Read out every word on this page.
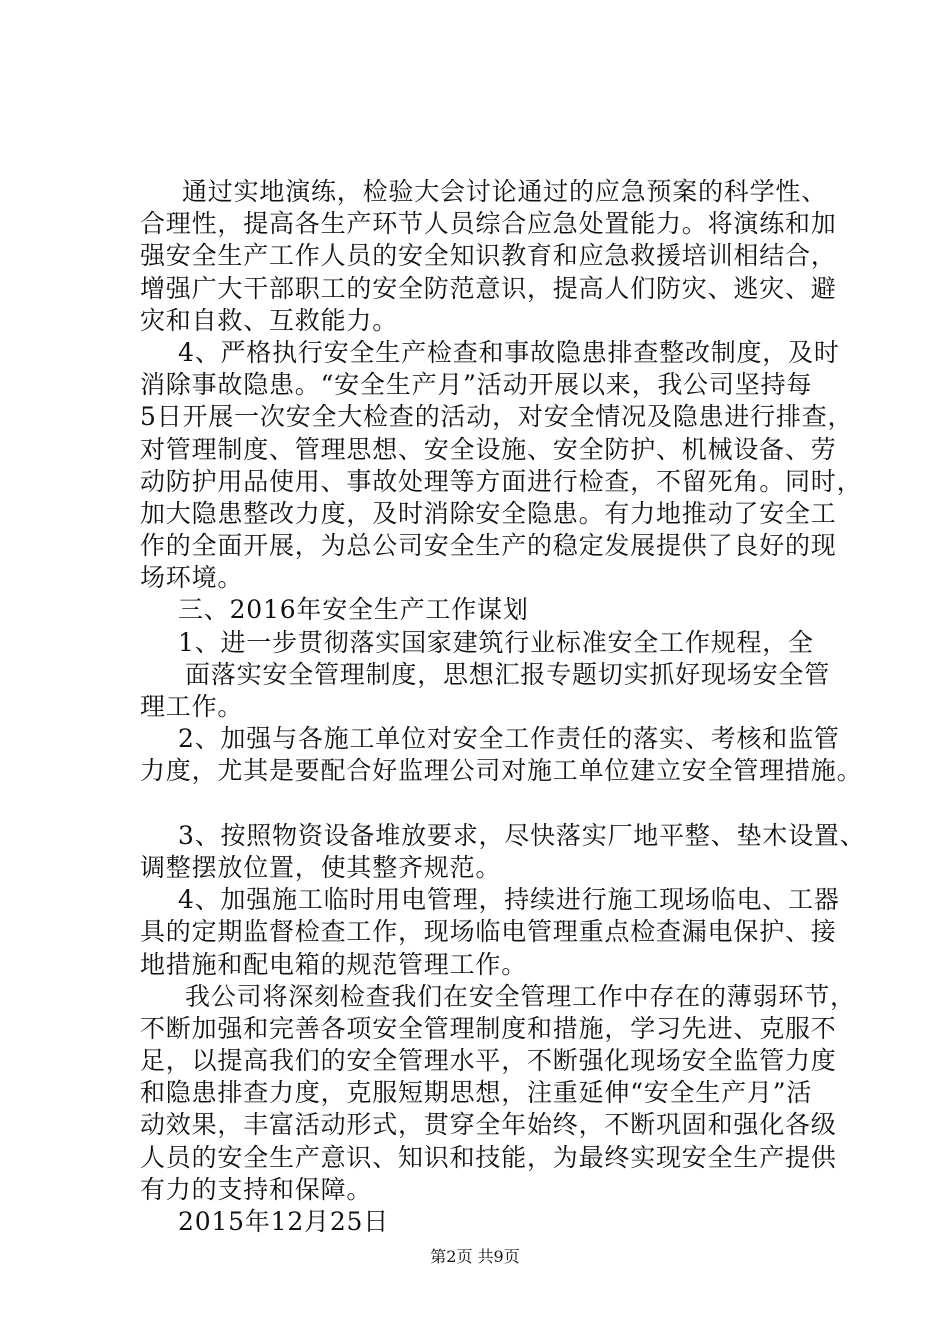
通过实地演练，检验大会讨论通过的应急预案的科学性、
合理性，提高各生产环节人员综合应急处置能力。将演练和加
强安全生产工作人员的安全知识教育和应急救援培训相结合，
增强广大干部职工的安全防范意识，提高人们防灾、逃灾、避
灾和自救、互救能力。
4、严格执行安全生产检查和事故隐患排查整改制度，及时
消除事故隐患。“安全生产月”活动开展以来，我公司坚持每
5日开展一次安全大检查的活动，对安全情况及隐患进行排查，
对管理制度、管理思想、安全设施、安全防护、机械设备、劳
动防护用品使用、事故处理等方面进行检查，不留死角。同时，
加大隐患整改力度，及时消除安全隐患。有力地推动了安全工
作的全面开展，为总公司安全生产的稳定发展提供了良好的现
场环境。
三、2016年安全生产工作谋划
1、进一步贯彻落实国家建筑行业标准安全工作规程，全
面落实安全管理制度，思想汇报专题切实抓好现场安全管
理工作。
2、加强与各施工单位对安全工作责任的落实、考核和监管
力度，尤其是要配合好监理公司对施工单位建立安全管理措施。
3、按照物资设备堆放要求，尽快落实厂地平整、垫木设置、
调整摆放位置，使其整齐规范。
4、加强施工临时用电管理，持续进行施工现场临电、工器
具的定期监督检查工作，现场临电管理重点检查漏电保护、接
地措施和配电箱的规范管理工作。
我公司将深刻检查我们在安全管理工作中存在的薄弱环节，
不断加强和完善各项安全管理制度和措施，学习先进、克服不
足，以提高我们的安全管理水平，不断强化现场安全监管力度
和隐患排查力度，克服短期思想，注重延伸“安全生产月”活
动效果，丰富活动形式，贯穿全年始终，不断巩固和强化各级
人员的安全生产意识、知识和技能，为最终实现安全生产提供
有力的支持和保障。
2015年12月25日
第2页 共9页
